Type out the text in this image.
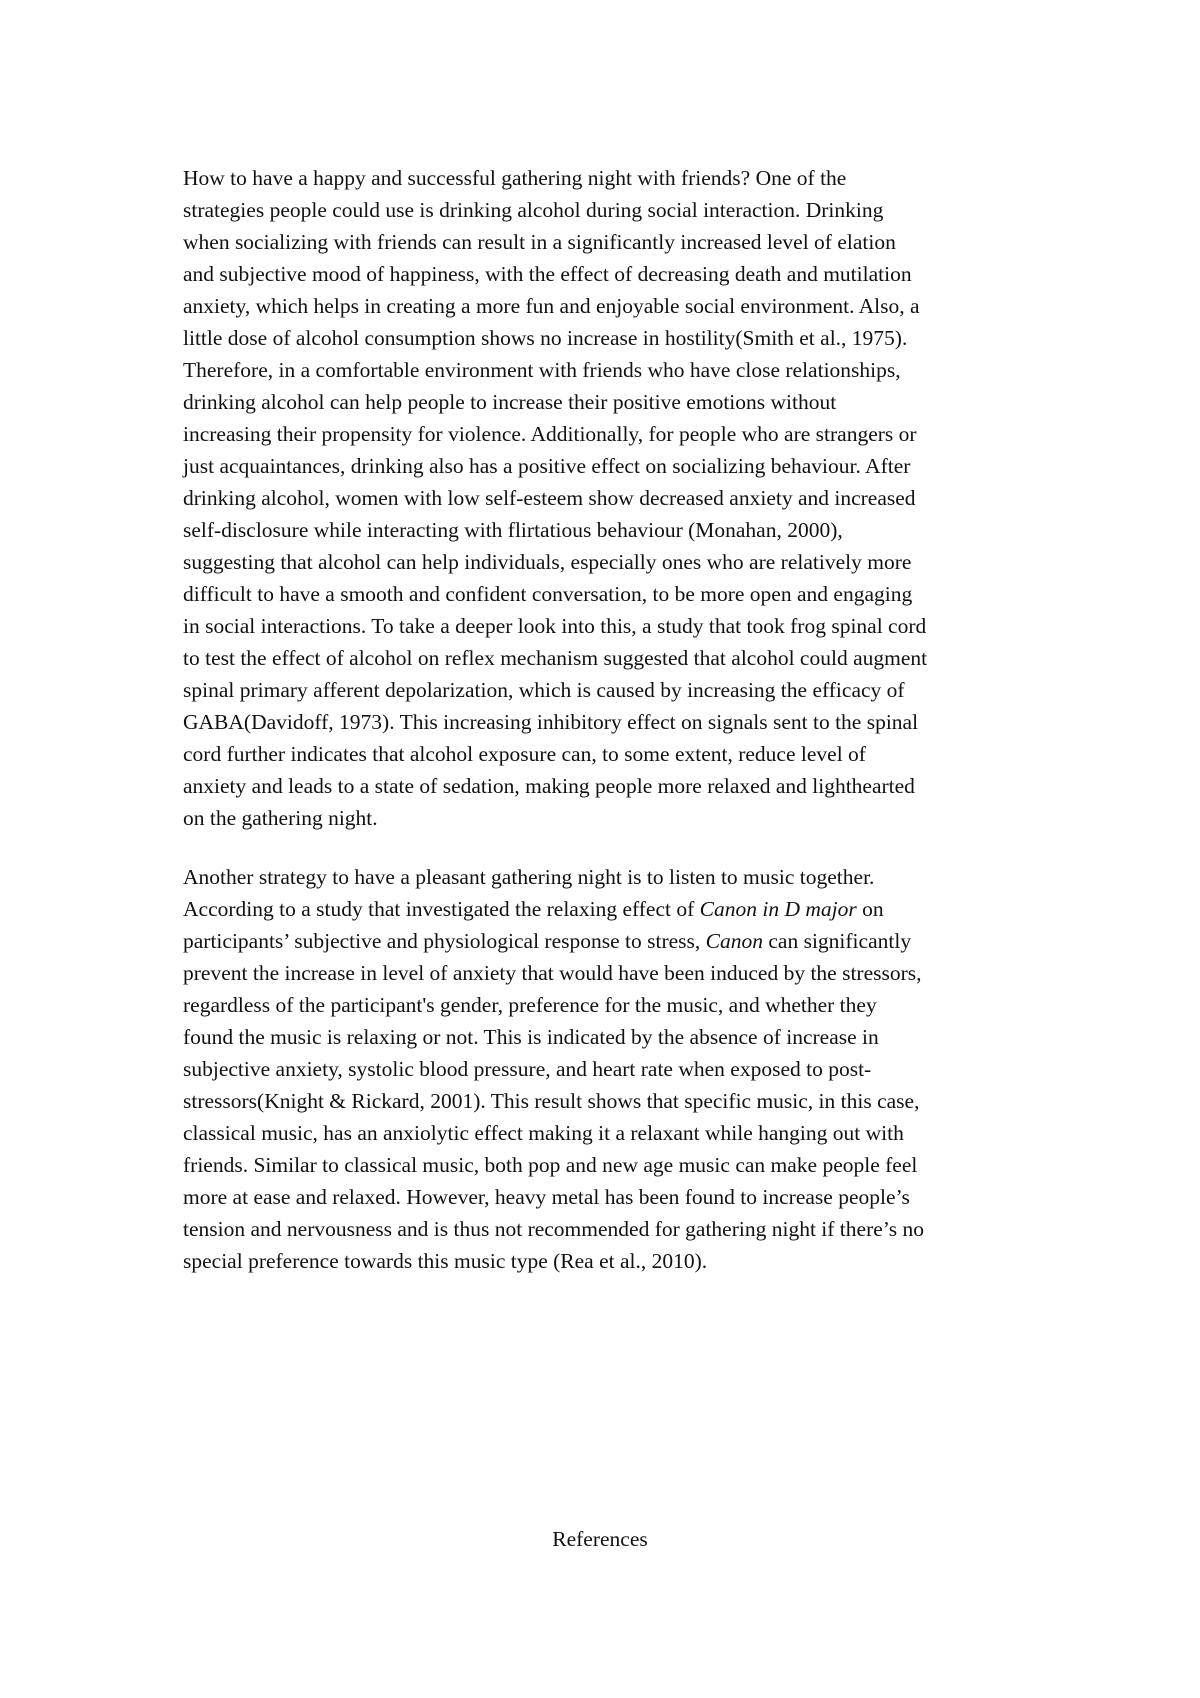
How to have a happy and successful gathering night with friends? One of the
strategies people could use is drinking alcohol during social interaction. Drinking
when socializing with friends can result in a significantly increased level of elation
and subjective mood of happiness, with the effect of decreasing death and mutilation
anxiety, which helps in creating a more fun and enjoyable social environment. Also, a
little dose of alcohol consumption shows no increase in hostility(Smith et al., 1975).
Therefore, in a comfortable environment with friends who have close relationships,
drinking alcohol can help people to increase their positive emotions without
increasing their propensity for violence. Additionally, for people who are strangers or
just acquaintances, drinking also has a positive effect on socializing behaviour. After
drinking alcohol, women with low self-esteem show decreased anxiety and increased
self-disclosure while interacting with flirtatious behaviour (Monahan, 2000),
suggesting that alcohol can help individuals, especially ones who are relatively more
difficult to have a smooth and confident conversation, to be more open and engaging
in social interactions. To take a deeper look into this, a study that took frog spinal cord
to test the effect of alcohol on reflex mechanism suggested that alcohol could augment
spinal primary afferent depolarization, which is caused by increasing the efficacy of
GABA(Davidoff, 1973). This increasing inhibitory effect on signals sent to the spinal
cord further indicates that alcohol exposure can, to some extent, reduce level of
anxiety and leads to a state of sedation, making people more relaxed and lighthearted
on the gathering night.
Another strategy to have a pleasant gathering night is to listen to music together.
According to a study that investigated the relaxing effect of Canon in D major on
participants’ subjective and physiological response to stress, Canon can significantly
prevent the increase in level of anxiety that would have been induced by the stressors,
regardless of the participant's gender, preference for the music, and whether they
found the music is relaxing or not. This is indicated by the absence of increase in
subjective anxiety, systolic blood pressure, and heart rate when exposed to post-
stressors(Knight & Rickard, 2001). This result shows that specific music, in this case,
classical music, has an anxiolytic effect making it a relaxant while hanging out with
friends. Similar to classical music, both pop and new age music can make people feel
more at ease and relaxed. However, heavy metal has been found to increase people’s
tension and nervousness and is thus not recommended for gathering night if there’s no
special preference towards this music type (Rea et al., 2010).
References
